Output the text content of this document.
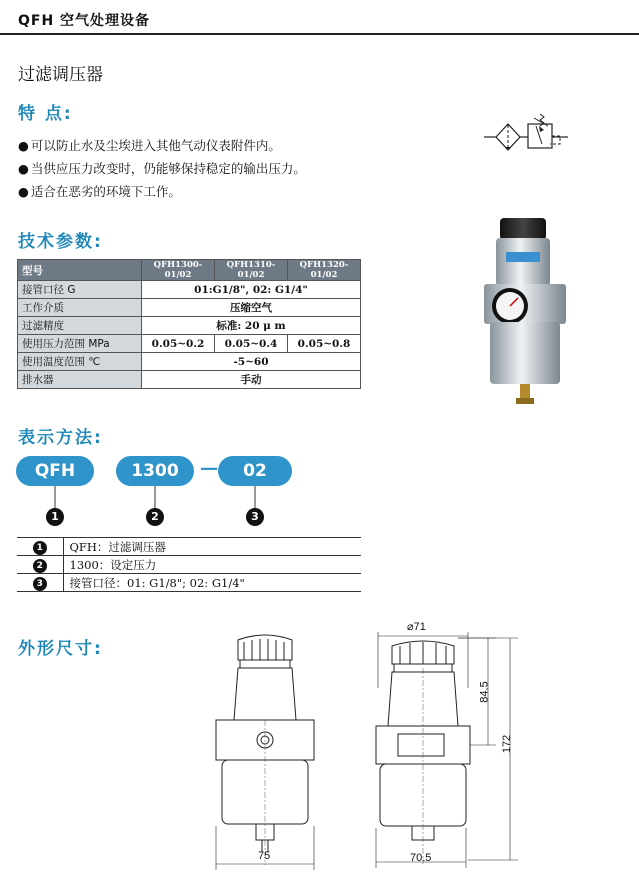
QFH 空气处理设备
过滤调压器
特 点:
● 可以防止水及尘埃进入其他气动仪表附件内。
● 当供应压力改变时，仍能够保持稳定的输出压力。
● 适合在恶劣的环境下工作。
技术参数:
型号	QFH1300-01/02	QFH1310-01/02	QFH1320-01/02
接管口径 G	01:G1/8", 02: G1/4"		
工作介质	压缩空气		
过滤精度	标准: 20 μ m		
使用压力范围 MPa	0.05~0.2	0.05~0.4	0.05~0.8
使用温度范围 ℃	-5~60		
排水器	手动		
表示方法:
QFH	1300	—	02
1	2	3
1	QFH：过滤调压器
2	1300：设定压力
3	接管口径：01: G1/8"; 02: G1/4"
外形尺寸:
75
⌀71
84.5
172
70.5
